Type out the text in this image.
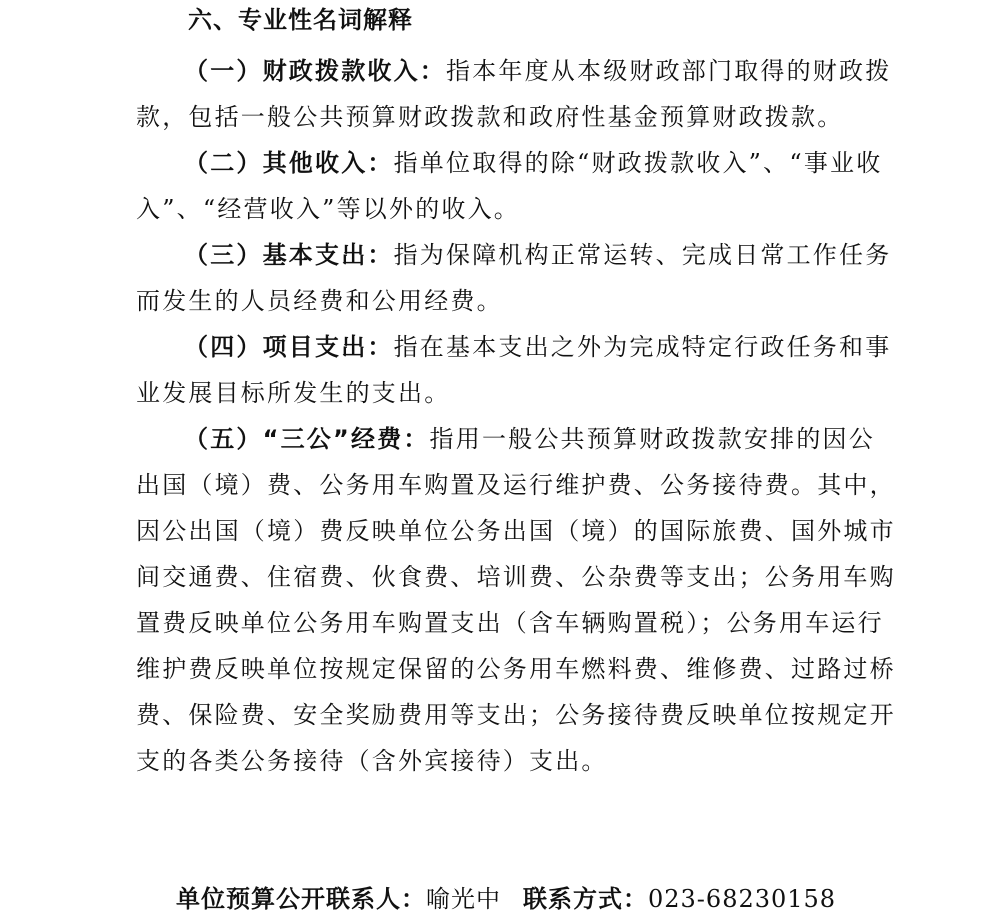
六、专业性名词解释

（一）财政拨款收入：指本年度从本级财政部门取得的财政拨款，包括一般公共预算财政拨款和政府性基金预算财政拨款。

（二）其他收入：指单位取得的除“财政拨款收入”、“事业收入”、“经营收入”等以外的收入。

（三）基本支出：指为保障机构正常运转、完成日常工作任务而发生的人员经费和公用经费。

（四）项目支出：指在基本支出之外为完成特定行政任务和事业发展目标所发生的支出。

（五）“三公”经费：指用一般公共预算财政拨款安排的因公出国（境）费、公务用车购置及运行维护费、公务接待费。其中，因公出国（境）费反映单位公务出国（境）的国际旅费、国外城市间交通费、住宿费、伙食费、培训费、公杂费等支出；公务用车购置费反映单位公务用车购置支出（含车辆购置税）；公务用车运行维护费反映单位按规定保留的公务用车燃料费、维修费、过路过桥费、保险费、安全奖励费用等支出；公务接待费反映单位按规定开支的各类公务接待（含外宾接待）支出。

单位预算公开联系人：喻光中 联系方式：023-68230158
